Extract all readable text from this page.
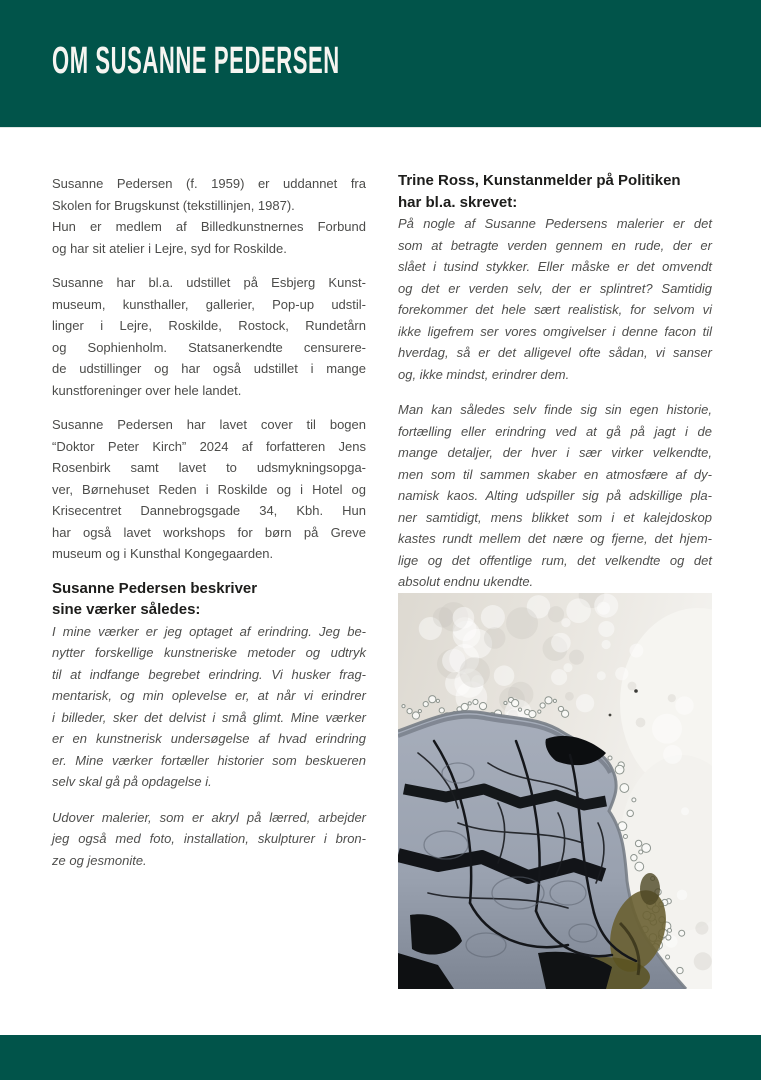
OM SUSANNE PEDERSEN
Susanne Pedersen (f. 1959) er uddannet fra
Skolen for Brugskunst (tekstillinjen, 1987).
Hun er medlem af Billedkunstnernes Forbund
og har sit atelier i Lejre, syd for Roskilde.
Susanne har bl.a. udstillet på Esbjerg Kunst-
museum, kunsthaller, gallerier, Pop-up udstil-
linger i Lejre, Roskilde, Rostock, Rundetårn
og Sophienholm. Statsanerkendte censurere-
de udstillinger og har også udstillet i mange
kunstforeninger over hele landet.
Susanne Pedersen har lavet cover til bogen
“Doktor Peter Kirch” 2024 af forfatteren Jens
Rosenbirk samt lavet to udsmykningsopga-
ver, Børnehuset Reden i Roskilde og i Hotel og
Krisecentret Dannebrogsgade 34, Kbh. Hun
har også lavet workshops for børn på Greve
museum og i Kunsthal Kongegaarden.
Susanne Pedersen beskriver
sine værker således:
I mine værker er jeg optaget af erindring. Jeg be-
nytter forskellige kunstneriske metoder og udtryk
til at indfange begrebet erindring. Vi husker frag-
mentarisk, og min oplevelse er, at når vi erindrer
i billeder, sker det delvist i små glimt. Mine værker
er en kunstnerisk undersøgelse af hvad erindring
er. Mine værker fortæller historier som beskueren
selv skal gå på opdagelse i.
Udover malerier, som er akryl på lærred, arbejder
jeg også med foto, installation, skulpturer i bron-
ze og jesmonite.
Trine Ross, Kunstanmelder på Politiken
har bl.a. skrevet:
På nogle af Susanne Pedersens malerier er det
som at betragte verden gennem en rude, der er
slået i tusind stykker. Eller måske er det omvendt
og det er verden selv, der er splintret? Samtidig
forekommer det hele sært realistisk, for selvom vi
ikke ligefrem ser vores omgivelser i denne facon til
hverdag, så er det alligevel ofte sådan, vi sanser
og, ikke mindst, erindrer dem.
Man kan således selv finde sig sin egen historie,
fortælling eller erindring ved at gå på jagt i de
mange detaljer, der hver i sær virker velkendte,
men som til sammen skaber en atmosfære af dy-
namisk kaos. Alting udspiller sig på adskillige pla-
ner samtidigt, mens blikket som i et kalejdoskop
kastes rundt mellem det nære og fjerne, det hjem-
lige og det offentlige rum, det velkendte og det
absolut endnu ukendte.
